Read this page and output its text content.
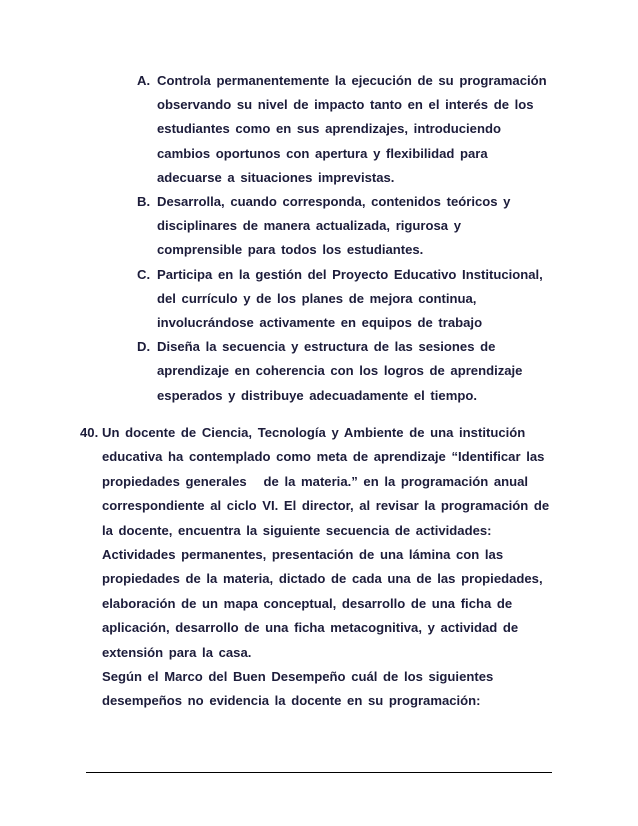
A. Controla permanentemente la ejecución de su programación
observando su nivel de impacto tanto en el interés de los
estudiantes como en sus aprendizajes, introduciendo
cambios oportunos con apertura y flexibilidad para
adecuarse a situaciones imprevistas.
B. Desarrolla, cuando corresponda, contenidos teóricos y
disciplinares de manera actualizada, rigurosa y
comprensible para todos los estudiantes.
C. Participa en la gestión del Proyecto Educativo Institucional,
del currículo y de los planes de mejora continua,
involucrándose activamente en equipos de trabajo
D. Diseña la secuencia y estructura de las sesiones de
aprendizaje en coherencia con los logros de aprendizaje
esperados y distribuye adecuadamente el tiempo.
40. Un docente de Ciencia, Tecnología y Ambiente de una institución
educativa ha contemplado como meta de aprendizaje “Identificar las
propiedades generales   de la materia.” en la programación anual
correspondiente al ciclo VI. El director, al revisar la programación de
la docente, encuentra la siguiente secuencia de actividades:
Actividades permanentes, presentación de una lámina con las
propiedades de la materia, dictado de cada una de las propiedades,
elaboración de un mapa conceptual, desarrollo de una ficha de
aplicación, desarrollo de una ficha metacognitiva, y actividad de
extensión para la casa.
Según el Marco del Buen Desempeño cuál de los siguientes
desempeños no evidencia la docente en su programación:
